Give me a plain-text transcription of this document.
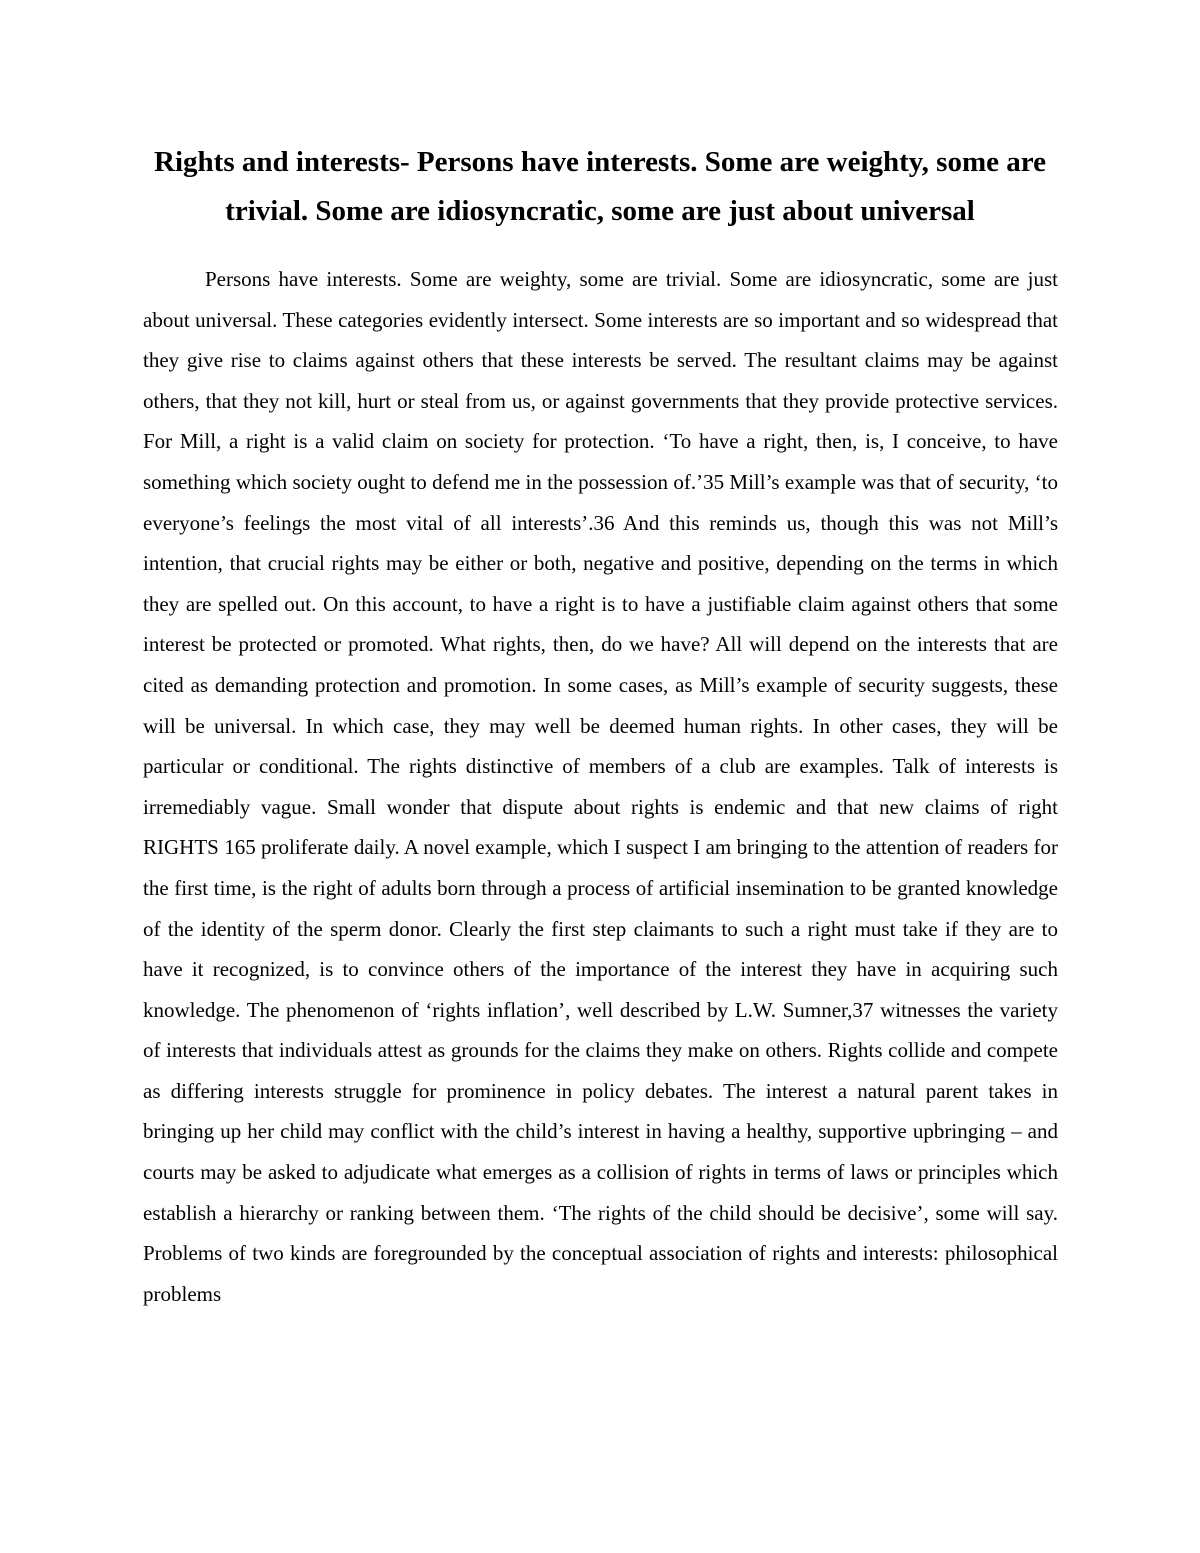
Rights and interests- Persons have interests. Some are weighty, some are trivial. Some are idiosyncratic, some are just about universal

Persons have interests. Some are weighty, some are trivial. Some are idiosyncratic, some are just about universal. These categories evidently intersect. Some interests are so important and so widespread that they give rise to claims against others that these interests be served. The resultant claims may be against others, that they not kill, hurt or steal from us, or against governments that they provide protective services. For Mill, a right is a valid claim on society for protection. ‘To have a right, then, is, I conceive, to have something which society ought to defend me in the possession of.’35 Mill’s example was that of security, ‘to everyone’s feelings the most vital of all interests’.36 And this reminds us, though this was not Mill’s intention, that crucial rights may be either or both, negative and positive, depending on the terms in which they are spelled out. On this account, to have a right is to have a justifiable claim against others that some interest be protected or promoted. What rights, then, do we have? All will depend on the interests that are cited as demanding protection and promotion. In some cases, as Mill’s example of security suggests, these will be universal. In which case, they may well be deemed human rights. In other cases, they will be particular or conditional. The rights distinctive of members of a club are examples. Talk of interests is irremediably vague. Small wonder that dispute about rights is endemic and that new claims of right RIGHTS 165 proliferate daily. A novel example, which I suspect I am bringing to the attention of readers for the first time, is the right of adults born through a process of artificial insemination to be granted knowledge of the identity of the sperm donor. Clearly the first step claimants to such a right must take if they are to have it recognized, is to convince others of the importance of the interest they have in acquiring such knowledge. The phenomenon of ‘rights inflation’, well described by L.W. Sumner,37 witnesses the variety of interests that individuals attest as grounds for the claims they make on others. Rights collide and compete as differing interests struggle for prominence in policy debates. The interest a natural parent takes in bringing up her child may conflict with the child’s interest in having a healthy, supportive upbringing – and courts may be asked to adjudicate what emerges as a collision of rights in terms of laws or principles which establish a hierarchy or ranking between them. ‘The rights of the child should be decisive’, some will say. Problems of two kinds are foregrounded by the conceptual association of rights and interests: philosophical problems
